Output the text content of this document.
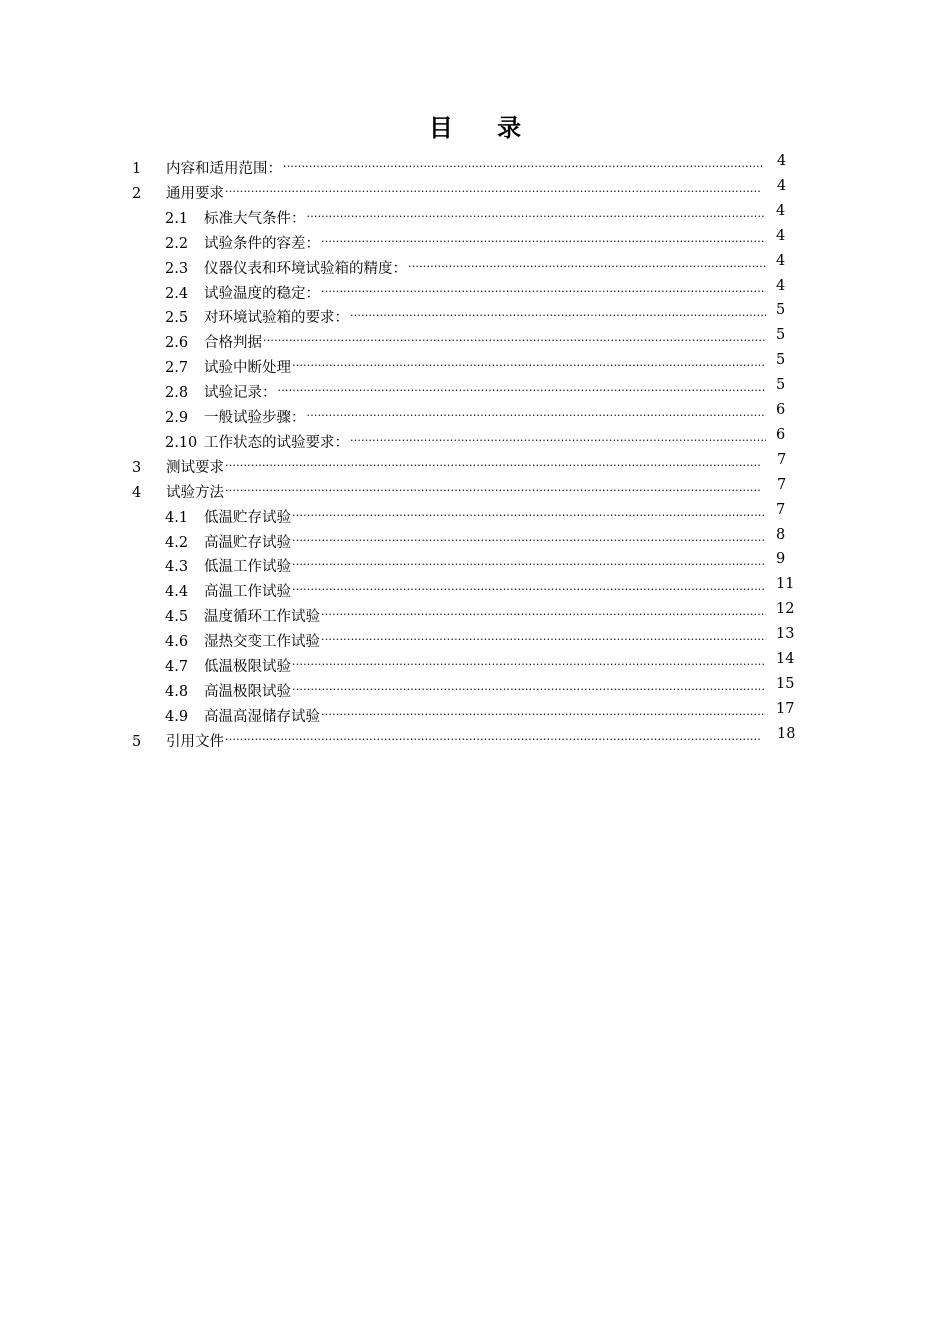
目 录
1	内容和适用范围： .....	4
2	通用要求 .....	4
2.1	标准大气条件： .....	4
2.2	试验条件的容差： .....	4
2.3	仪器仪表和环境试验箱的精度： .....	4
2.4	试验温度的稳定： .....	4
2.5	对环境试验箱的要求： .....	5
2.6	合格判据 .....	5
2.7	试验中断处理 .....	5
2.8	试验记录： .....	5
2.9	一般试验步骤： .....	6
2.10 工作状态的试验要求： .....	6
3	测试要求 .....	7
4	试验方法 .....	7
4.1	低温贮存试验 .....	7
4.2	高温贮存试验 .....	8
4.3	低温工作试验 .....	9
4.4	高温工作试验 .....	11
4.5	温度循环工作试验 .....	12
4.6	湿热交变工作试验 .....	13
4.7	低温极限试验 .....	14
4.8	高温极限试验 .....	15
4.9	高温高湿储存试验 .....	17
5	引用文件 .....	18
